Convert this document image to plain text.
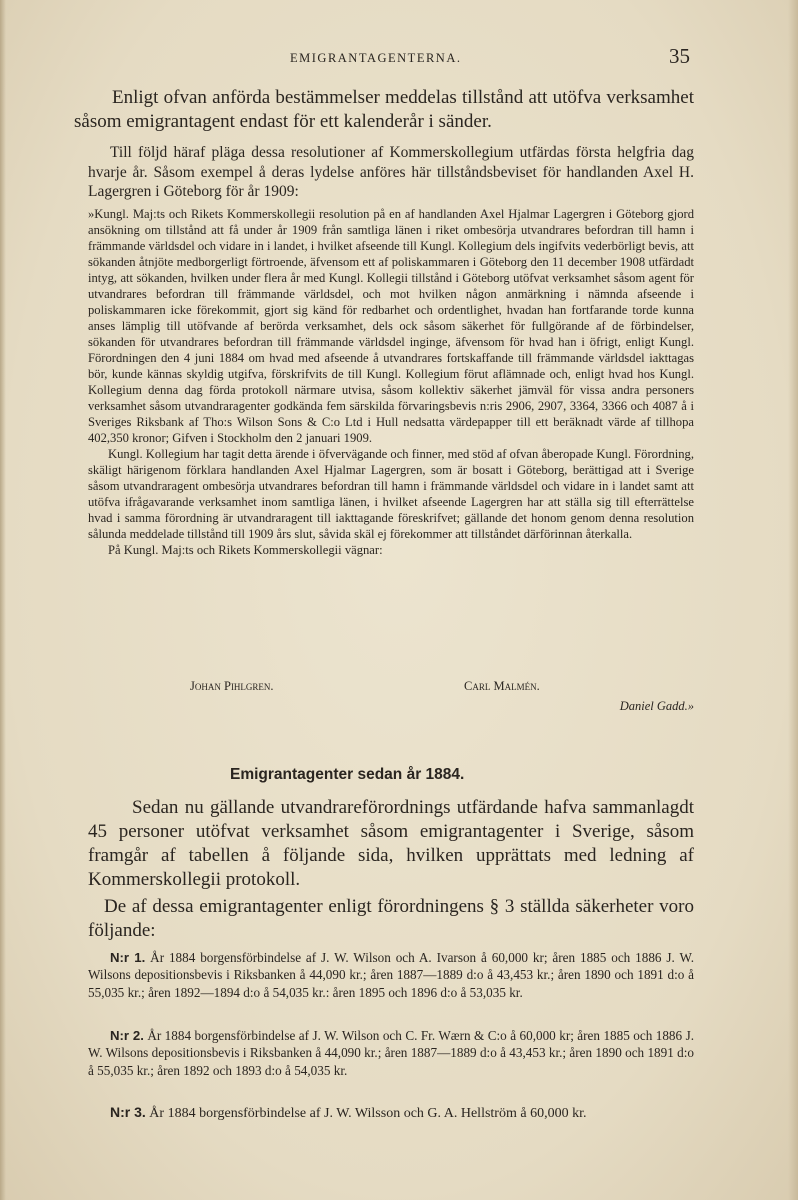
EMIGRANTAGENTERNA.	35

Enligt ofvan anförda bestämmelser meddelas tillstånd att utöfva verksamhet såsom emigrantagent endast för ett kalenderår i sänder.

Till följd häraf pläga dessa resolutioner af Kommerskollegium utfärdas första helgfria dag hvarje år. Såsom exempel å deras lydelse anföres här tillståndsbeviset för handlanden Axel H. Lagergren i Göteborg för år 1909:

»Kungl. Maj:ts och Rikets Kommerskollegii resolution på en af handlanden Axel Hjalmar Lagergren i Göteborg gjord ansökning om tillstånd att få under år 1909 från samtliga länen i riket ombesörja utvandrares befordran till hamn i främmande världsdel och vidare in i landet, i hvilket afseende till Kungl. Kollegium dels ingifvits vederbörligt bevis, att sökanden åtnjöte medborgerligt förtroende, äfvensom ett af poliskammaren i Göteborg den 11 december 1908 utfärdadt intyg, att sökanden, hvilken under flera år med Kungl. Kollegii tillstånd i Göteborg utöfvat verksamhet såsom agent för utvandrares befordran till främmande världsdel, och mot hvilken någon anmärkning i nämnda afseende i poliskammaren icke förekommit, gjort sig känd för redbarhet och ordentlighet, hvadan han fortfarande torde kunna anses lämplig till utöfvande af berörda verksamhet, dels ock såsom säkerhet för fullgörande af de förbindelser, sökanden för utvandrares befordran till främmande världsdel inginge, äfvensom för hvad han i öfrigt, enligt Kungl. Förordningen den 4 juni 1884 om hvad med afseende å utvandrares fortskaffande till främmande världsdel iakttagas bör, kunde kännas skyldig utgifva, förskrifvits de till Kungl. Kollegium förut aflämnade och, enligt hvad hos Kungl. Kollegium denna dag förda protokoll närmare utvisa, såsom kollektiv säkerhet jämväl för vissa andra personers verksamhet såsom utvandraragenter godkända fem särskilda förvaringsbevis n:ris 2906, 2907, 3364, 3366 och 4087 å i Sveriges Riksbank af Tho:s Wilson Sons & C:o Ltd i Hull nedsatta värdepapper till ett beräknadt värde af tillhopa 402,350 kronor; Gifven i Stockholm den 2 januari 1909.

Kungl. Kollegium har tagit detta ärende i öfvervägande och finner, med stöd af ofvan åberopade Kungl. Förordning, skäligt härigenom förklara handlanden Axel Hjalmar Lagergren, som är bosatt i Göteborg, berättigad att i Sverige såsom utvandraragent ombesörja utvandrares befordran till hamn i främmande världsdel och vidare in i landet samt att utöfva ifrågavarande verksamhet inom samtliga länen, i hvilket afseende Lagergren har att ställa sig till efterrättelse hvad i samma förordning är utvandraragent till iakttagande föreskrifvet; gällande det honom genom denna resolution sålunda meddelade tillstånd till 1909 års slut, såvida skäl ej förekommer att tillståndet därförinnan återkalla.

På Kungl. Maj:ts och Rikets Kommerskollegii vägnar:

Johan Pihlgren.	Carl Malmén.
Daniel Gadd.»
Emigrantagenter sedan år 1884.

Sedan nu gällande utvandrareförordnings utfärdande hafva sammanlagdt 45 personer utöfvat verksamhet såsom emigrantagenter i Sverige, såsom framgår af tabellen å följande sida, hvilken upprättats med ledning af Kommerskollegii protokoll.

De af dessa emigrantagenter enligt förordningens § 3 ställda säkerheter voro följande:

N:r 1. År 1884 borgensförbindelse af J. W. Wilson och A. Ivarson å 60,000 kr; åren 1885 och 1886 J. W. Wilsons depositionsbevis i Riksbanken å 44,090 kr.; åren 1887—1889 d:o å 43,453 kr.; åren 1890 och 1891 d:o å 55,035 kr.; åren 1892—1894 d:o å 54,035 kr.: åren 1895 och 1896 d:o å 53,035 kr.

N:r 2. År 1884 borgensförbindelse af J. W. Wilson och C. Fr. Wærn & C:o å 60,000 kr; åren 1885 och 1886 J. W. Wilsons depositionsbevis i Riksbanken å 44,090 kr.; åren 1887—1889 d:o å 43,453 kr.; åren 1890 och 1891 d:o å 55,035 kr.; åren 1892 och 1893 d:o å 54,035 kr.

N:r 3. År 1884 borgensförbindelse af J. W. Wilsson och G. A. Hellström å 60,000 kr.
